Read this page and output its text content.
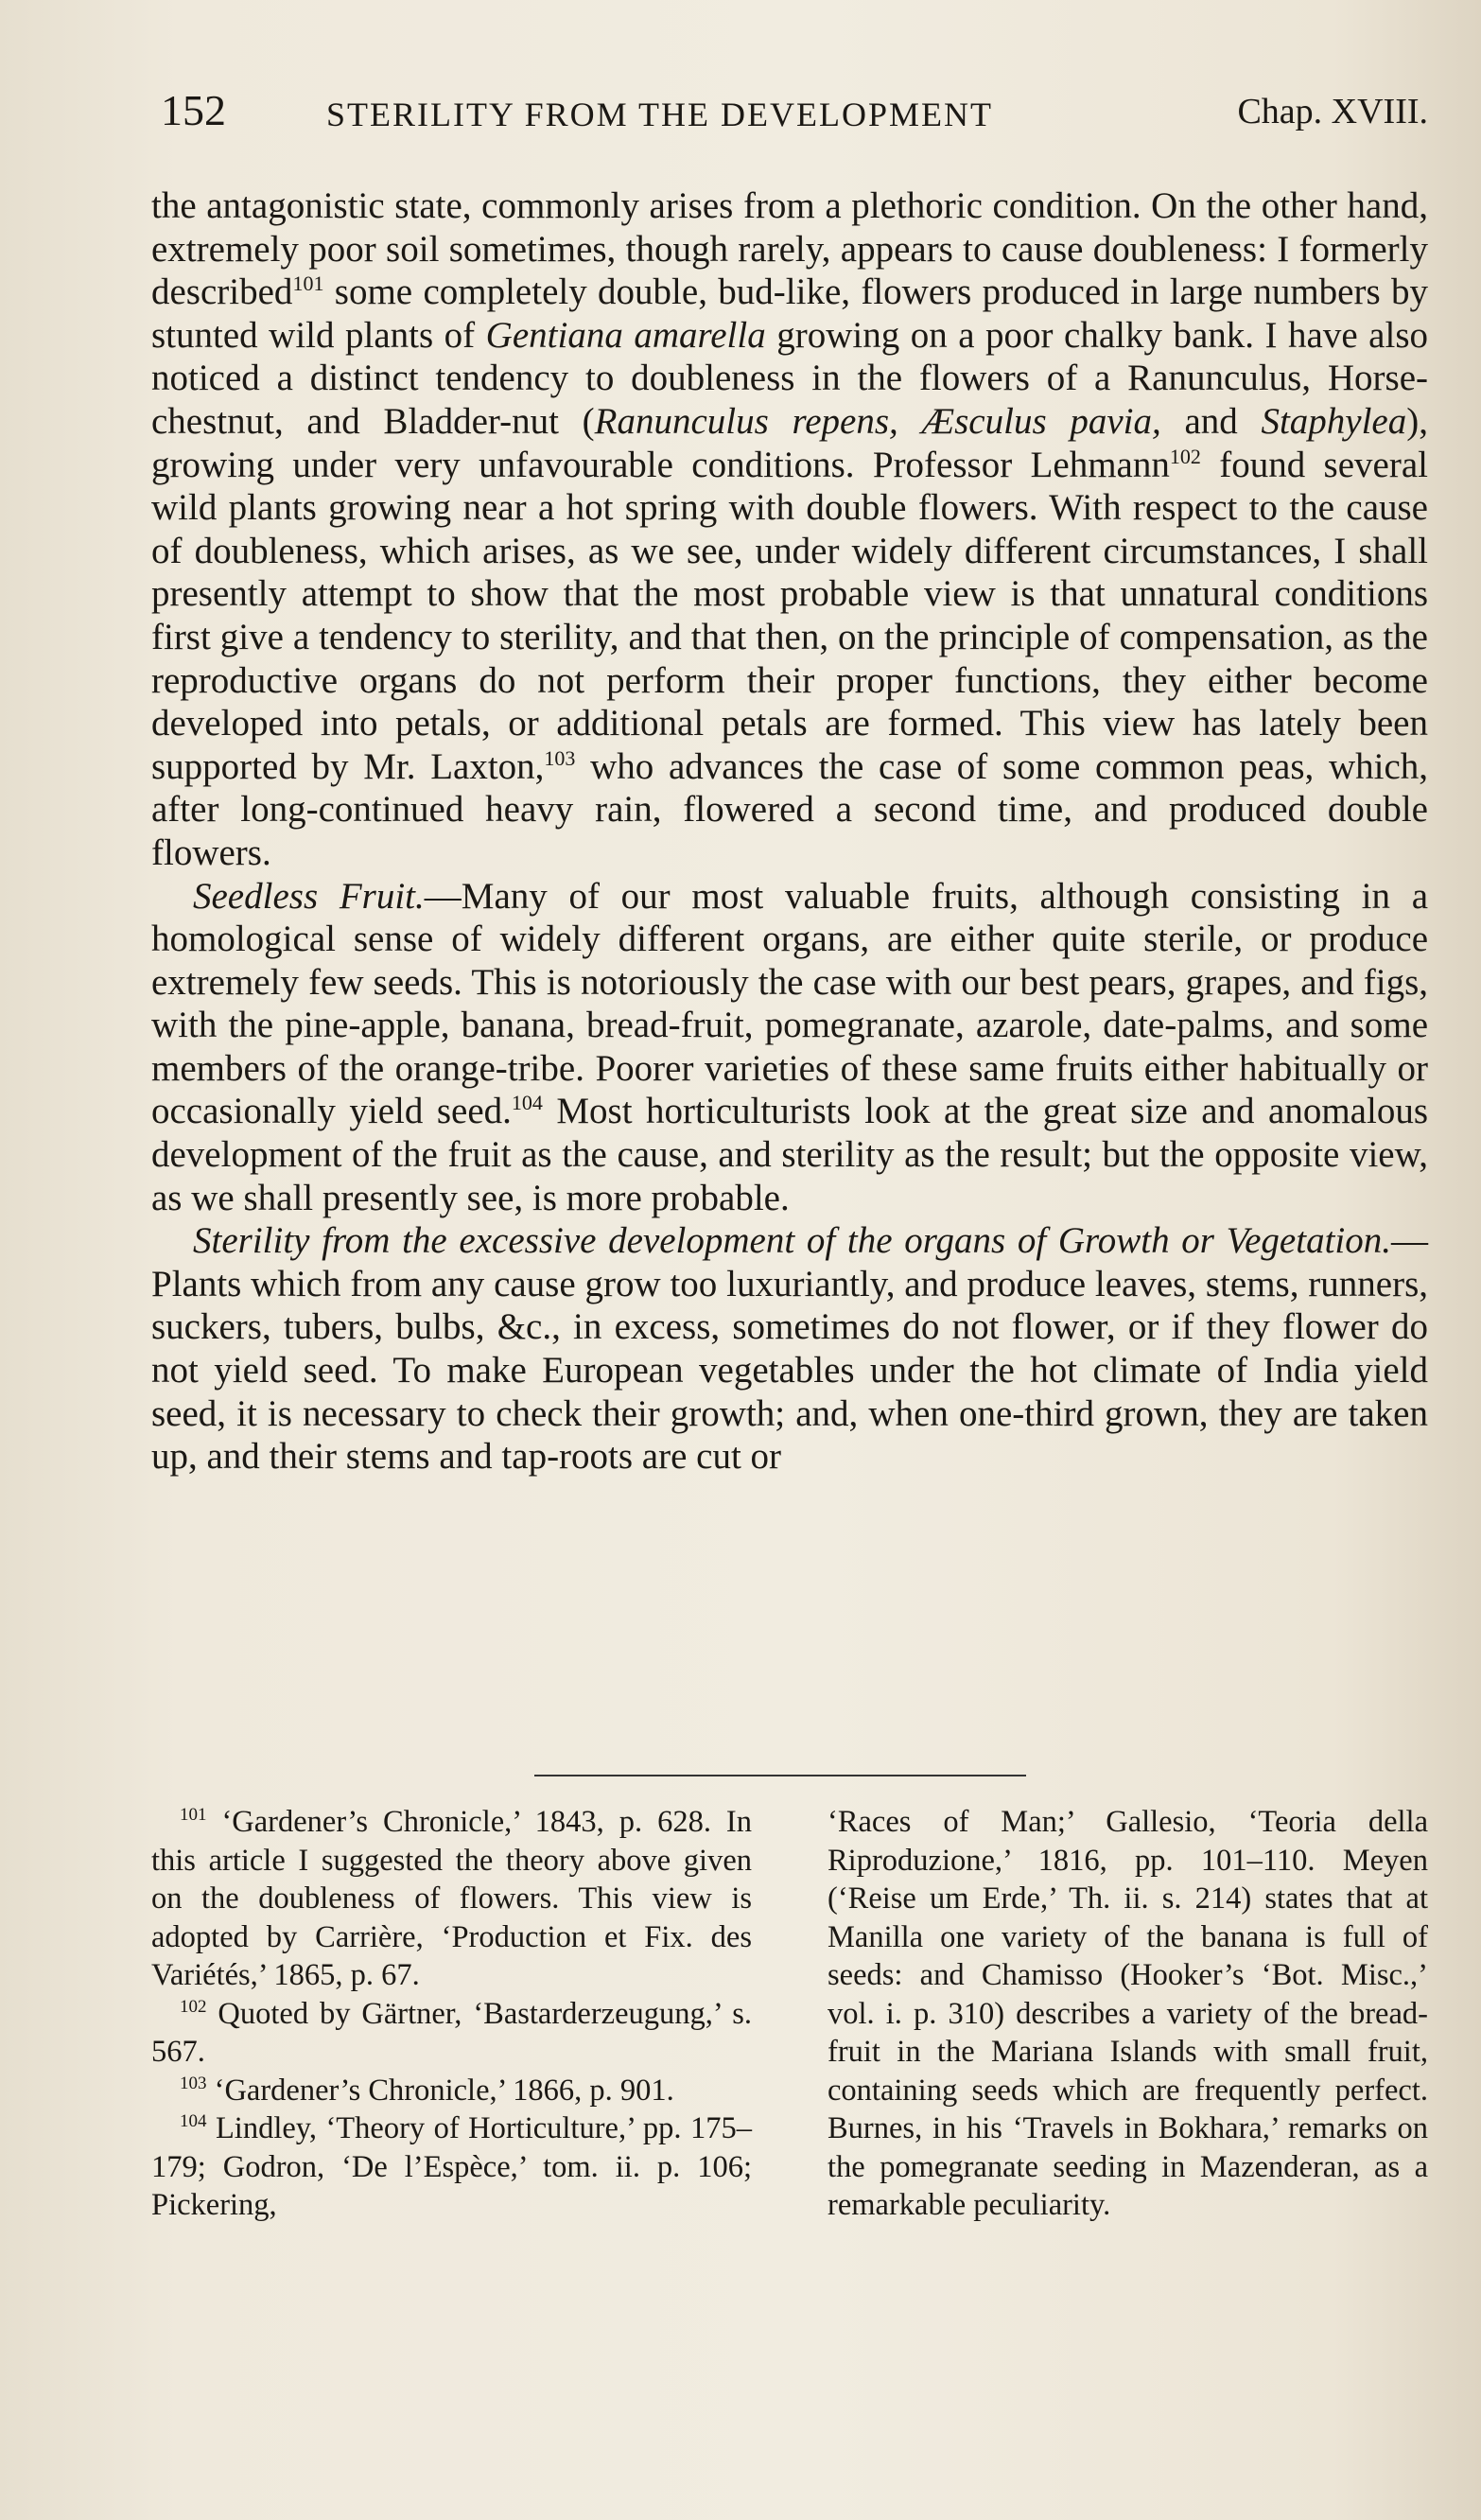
152	STERILITY FROM THE DEVELOPMENT	Chap. XVIII.

the antagonistic state, commonly arises from a plethoric condition. On the other hand, extremely poor soil sometimes, though rarely, appears to cause doubleness: I formerly described$^{101}$ some completely double, bud-like, flowers produced in large numbers by stunted wild plants of Gentiana amarella growing on a poor chalky bank. I have also noticed a distinct tendency to doubleness in the flowers of a Ranunculus, Horse-chestnut, and Bladder-nut (Ranunculus repens, Æsculus pavia, and Staphylea), growing under very unfavourable conditions. Professor Lehmann$^{102}$ found several wild plants growing near a hot spring with double flowers. With respect to the cause of doubleness, which arises, as we see, under widely different circumstances, I shall presently attempt to show that the most probable view is that unnatural conditions first give a tendency to sterility, and that then, on the principle of compensation, as the reproductive organs do not perform their proper functions, they either become developed into petals, or additional petals are formed. This view has lately been supported by Mr. Laxton,$^{103}$ who advances the case of some common peas, which, after long-continued heavy rain, flowered a second time, and produced double flowers.

Seedless Fruit.—Many of our most valuable fruits, although consisting in a homological sense of widely different organs, are either quite sterile, or produce extremely few seeds. This is notoriously the case with our best pears, grapes, and figs, with the pine-apple, banana, bread-fruit, pomegranate, azarole, date-palms, and some members of the orange-tribe. Poorer varieties of these same fruits either habitually or occasionally yield seed.$^{104}$ Most horticulturists look at the great size and anomalous development of the fruit as the cause, and sterility as the result; but the opposite view, as we shall presently see, is more probable.

Sterility from the excessive development of the organs of Growth or Vegetation.—Plants which from any cause grow too luxuriantly, and produce leaves, stems, runners, suckers, tubers, bulbs, &c., in excess, sometimes do not flower, or if they flower do not yield seed. To make European vegetables under the hot climate of India yield seed, it is necessary to check their growth; and, when one-third grown, they are taken up, and their stems and tap-roots are cut or

$^{101}$ ‘Gardener’s Chronicle,’ 1843, p. 628. In this article I suggested the theory above given on the doubleness of flowers. This view is adopted by Carrière, ‘Production et Fix. des Variétés,’ 1865, p. 67.

$^{102}$ Quoted by Gärtner, ‘Bastarderzeugung,’ s. 567.

$^{103}$ ‘Gardener’s Chronicle,’ 1866, p. 901.

$^{104}$ Lindley, ‘Theory of Horticulture,’ pp. 175–179; Godron, ‘De l’Espèce,’ tom. ii. p. 106; Pickering,

‘Races of Man;’ Gallesio, ‘Teoria della Riproduzione,’ 1816, pp. 101–110. Meyen (‘Reise um Erde,’ Th. ii. s. 214) states that at Manilla one variety of the banana is full of seeds: and Chamisso (Hooker’s ‘Bot. Misc.,’ vol. i. p. 310) describes a variety of the bread-fruit in the Mariana Islands with small fruit, containing seeds which are frequently perfect. Burnes, in his ‘Travels in Bokhara,’ remarks on the pomegranate seeding in Mazenderan, as a remarkable peculiarity.
